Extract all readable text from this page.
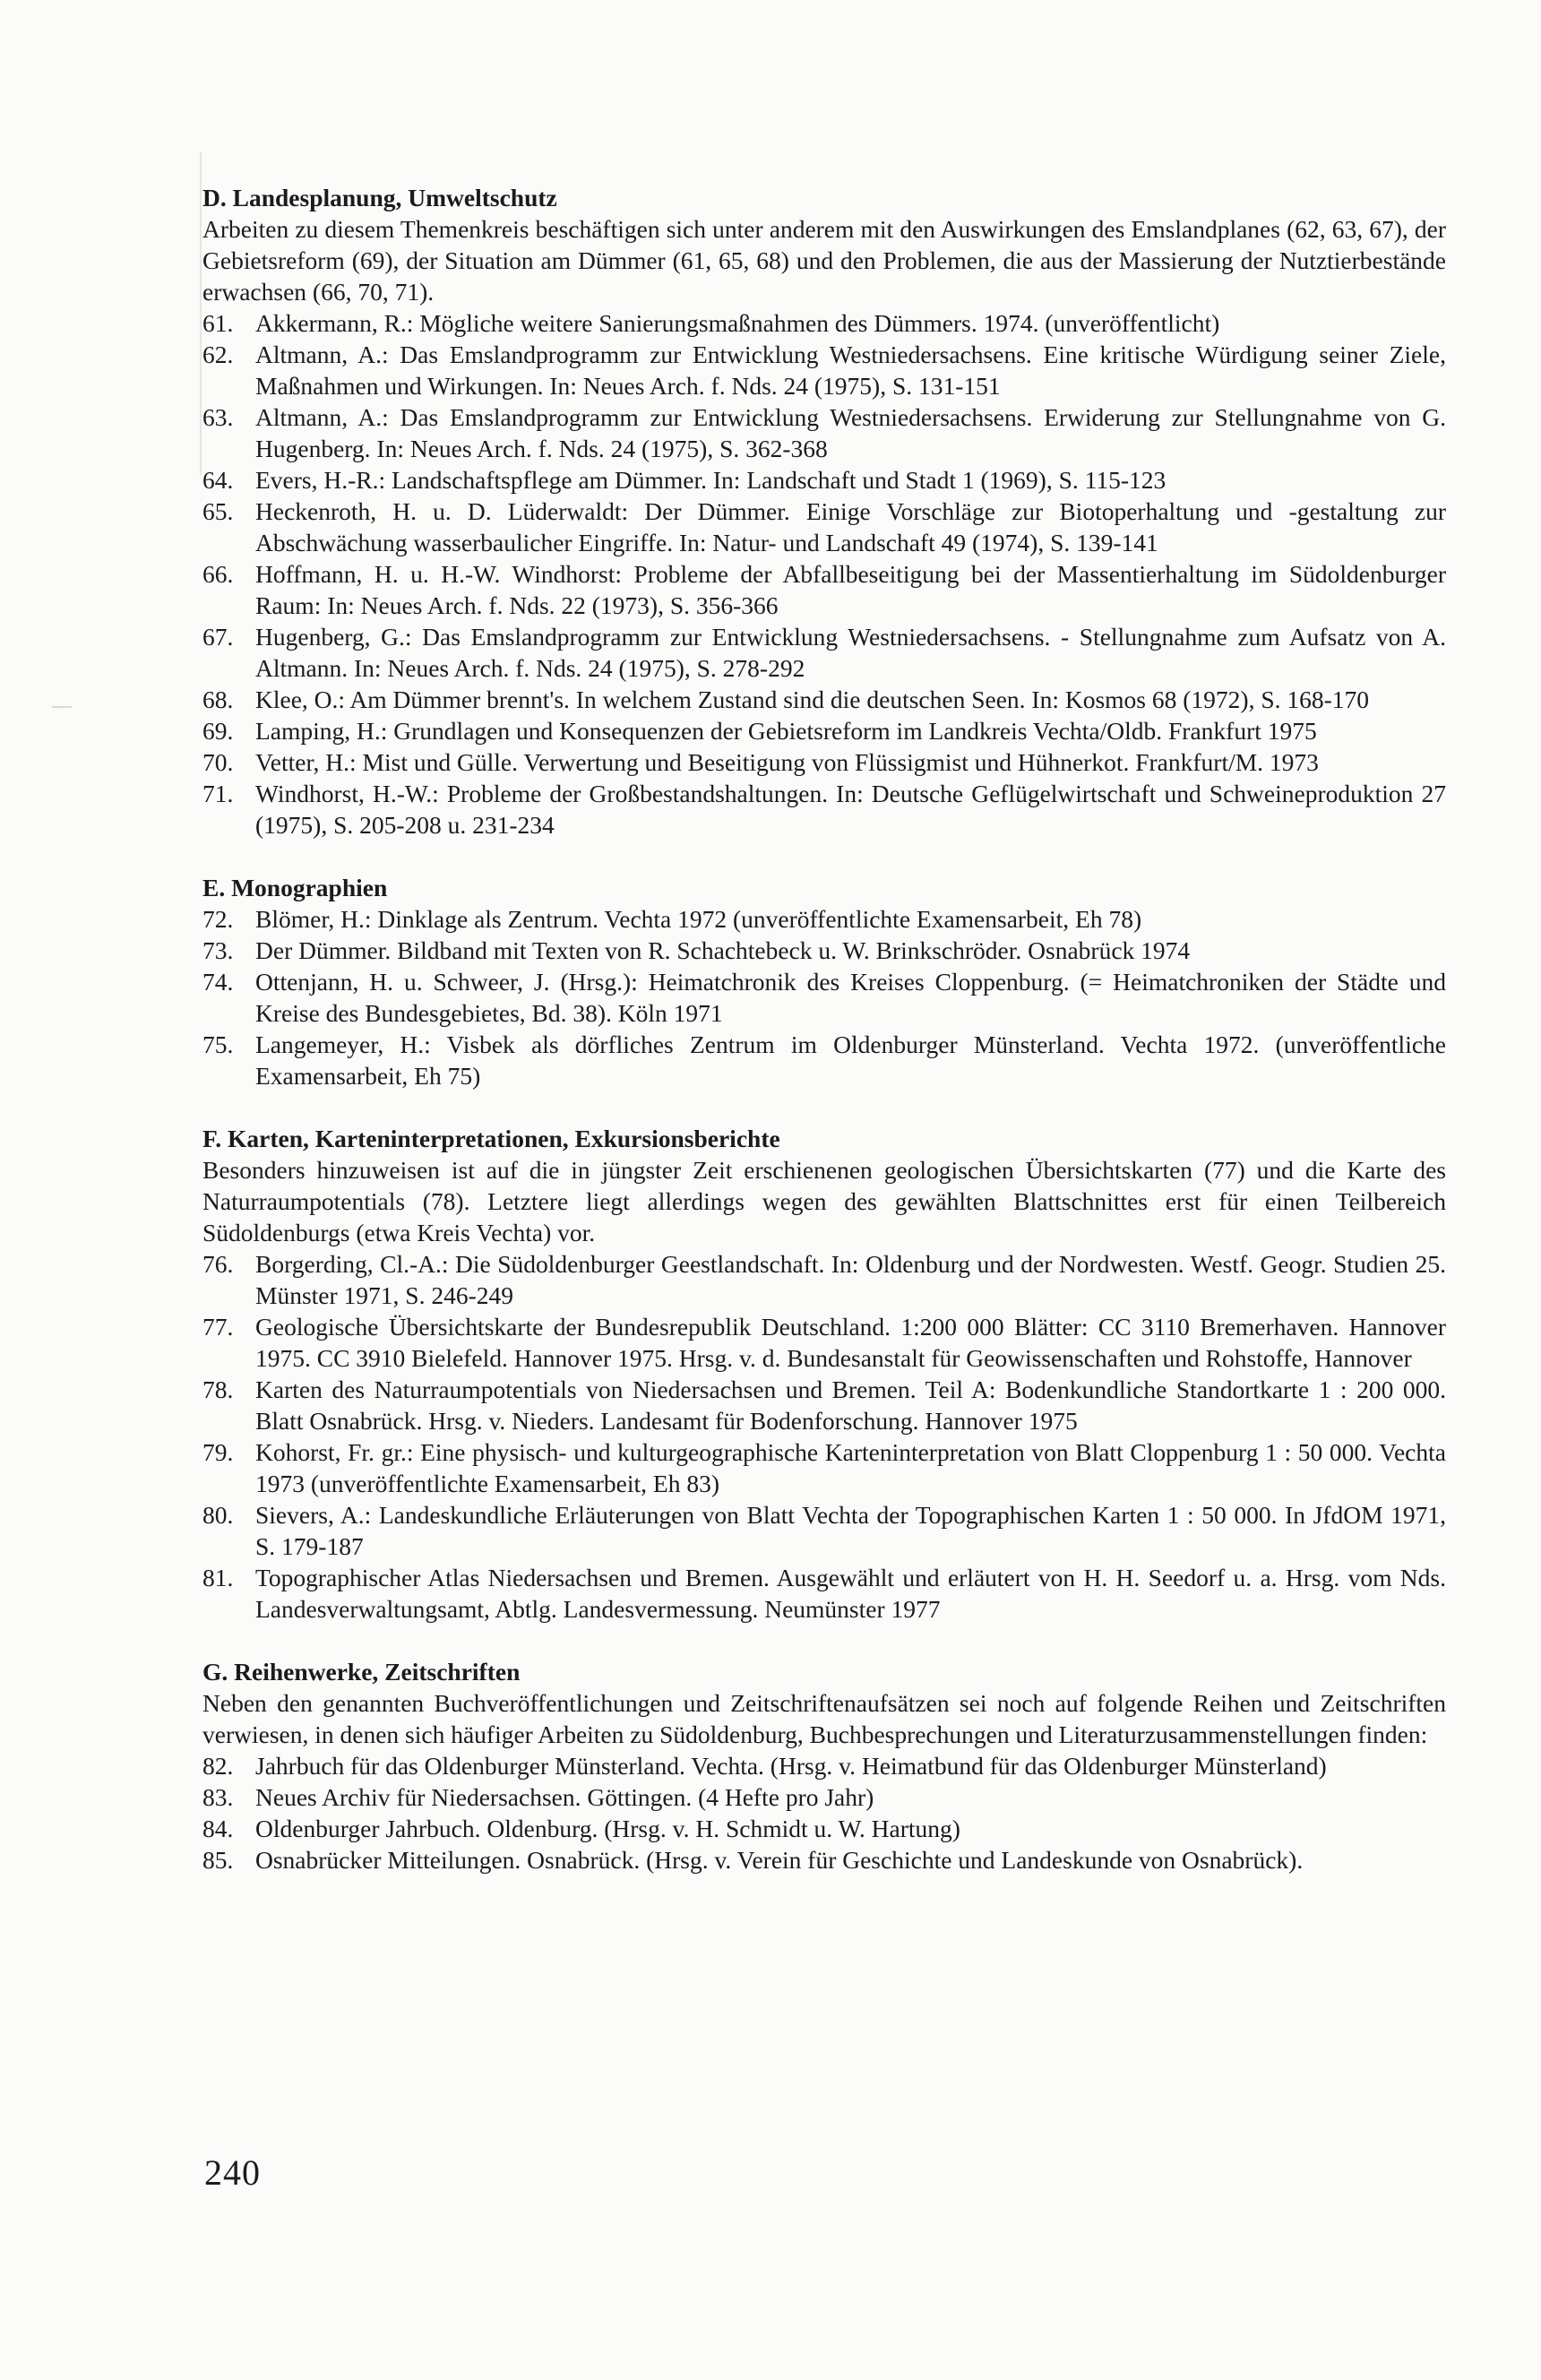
D. Landesplanung, Umweltschutz

Arbeiten zu diesem Themenkreis beschäftigen sich unter anderem mit den Auswirkungen des Emslandplanes (62, 63, 67), der Gebietsreform (69), der Situation am Dümmer (61, 65, 68) und den Problemen, die aus der Massierung der Nutztierbestände erwachsen (66, 70, 71).

61. Akkermann, R.: Mögliche weitere Sanierungsmaßnahmen des Dümmers. 1974. (unveröffentlicht)
62. Altmann, A.: Das Emslandprogramm zur Entwicklung Westniedersachsens. Eine kritische Würdigung seiner Ziele, Maßnahmen und Wirkungen. In: Neues Arch. f. Nds. 24 (1975), S. 131-151
63. Altmann, A.: Das Emslandprogramm zur Entwicklung Westniedersachsens. Erwiderung zur Stellungnahme von G. Hugenberg. In: Neues Arch. f. Nds. 24 (1975), S. 362-368
64. Evers, H.-R.: Landschaftspflege am Dümmer. In: Landschaft und Stadt 1 (1969), S. 115-123
65. Heckenroth, H. u. D. Lüderwaldt: Der Dümmer. Einige Vorschläge zur Biotoperhaltung und -gestaltung zur Abschwächung wasserbaulicher Eingriffe. In: Natur- und Landschaft 49 (1974), S. 139-141
66. Hoffmann, H. u. H.-W. Windhorst: Probleme der Abfallbeseitigung bei der Massentierhaltung im Südoldenburger Raum: In: Neues Arch. f. Nds. 22 (1973), S. 356-366
67. Hugenberg, G.: Das Emslandprogramm zur Entwicklung Westniedersachsens. - Stellungnahme zum Aufsatz von A. Altmann. In: Neues Arch. f. Nds. 24 (1975), S. 278-292
68. Klee, O.: Am Dümmer brennt's. In welchem Zustand sind die deutschen Seen. In: Kosmos 68 (1972), S. 168-170
69. Lamping, H.: Grundlagen und Konsequenzen der Gebietsreform im Landkreis Vechta/Oldb. Frankfurt 1975
70. Vetter, H.: Mist und Gülle. Verwertung und Beseitigung von Flüssigmist und Hühnerkot. Frankfurt/M. 1973
71. Windhorst, H.-W.: Probleme der Großbestandshaltungen. In: Deutsche Geflügelwirtschaft und Schweineproduktion 27 (1975), S. 205-208 u. 231-234

E. Monographien

72. Blömer, H.: Dinklage als Zentrum. Vechta 1972 (unveröffentlichte Examensarbeit, Eh 78)
73. Der Dümmer. Bildband mit Texten von R. Schachtebeck u. W. Brinkschröder. Osnabrück 1974
74. Ottenjann, H. u. Schweer, J. (Hrsg.): Heimatchronik des Kreises Cloppenburg. (= Heimatchroniken der Städte und Kreise des Bundesgebietes, Bd. 38). Köln 1971
75. Langemeyer, H.: Visbek als dörfliches Zentrum im Oldenburger Münsterland. Vechta 1972. (unveröffentliche Examensarbeit, Eh 75)

F. Karten, Karteninterpretationen, Exkursionsberichte

Besonders hinzuweisen ist auf die in jüngster Zeit erschienenen geologischen Übersichtskarten (77) und die Karte des Naturraumpotentials (78). Letztere liegt allerdings wegen des gewählten Blattschnittes erst für einen Teilbereich Südoldenburgs (etwa Kreis Vechta) vor.

76. Borgerding, Cl.-A.: Die Südoldenburger Geestlandschaft. In: Oldenburg und der Nordwesten. Westf. Geogr. Studien 25. Münster 1971, S. 246-249
77. Geologische Übersichtskarte der Bundesrepublik Deutschland. 1:200 000 Blätter: CC 3110 Bremerhaven. Hannover 1975. CC 3910 Bielefeld. Hannover 1975. Hrsg. v. d. Bundesanstalt für Geowissenschaften und Rohstoffe, Hannover
78. Karten des Naturraumpotentials von Niedersachsen und Bremen. Teil A: Bodenkundliche Standortkarte 1 : 200 000. Blatt Osnabrück. Hrsg. v. Nieders. Landesamt für Bodenforschung. Hannover 1975
79. Kohorst, Fr. gr.: Eine physisch- und kulturgeographische Karteninterpretation von Blatt Cloppenburg 1 : 50 000. Vechta 1973 (unveröffentlichte Examensarbeit, Eh 83)
80. Sievers, A.: Landeskundliche Erläuterungen von Blatt Vechta der Topographischen Karten 1 : 50 000. In JfdOM 1971, S. 179-187
81. Topographischer Atlas Niedersachsen und Bremen. Ausgewählt und erläutert von H. H. Seedorf u. a. Hrsg. vom Nds. Landesverwaltungsamt, Abtlg. Landesvermessung. Neumünster 1977

G. Reihenwerke, Zeitschriften

Neben den genannten Buchveröffentlichungen und Zeitschriftenaufsätzen sei noch auf folgende Reihen und Zeitschriften verwiesen, in denen sich häufiger Arbeiten zu Südoldenburg, Buchbesprechungen und Literaturzusammenstellungen finden:

82. Jahrbuch für das Oldenburger Münsterland. Vechta. (Hrsg. v. Heimatbund für das Oldenburger Münsterland)
83. Neues Archiv für Niedersachsen. Göttingen. (4 Hefte pro Jahr)
84. Oldenburger Jahrbuch. Oldenburg. (Hrsg. v. H. Schmidt u. W. Hartung)
85. Osnabrücker Mitteilungen. Osnabrück. (Hrsg. v. Verein für Geschichte und Landeskunde von Osnabrück).
240
